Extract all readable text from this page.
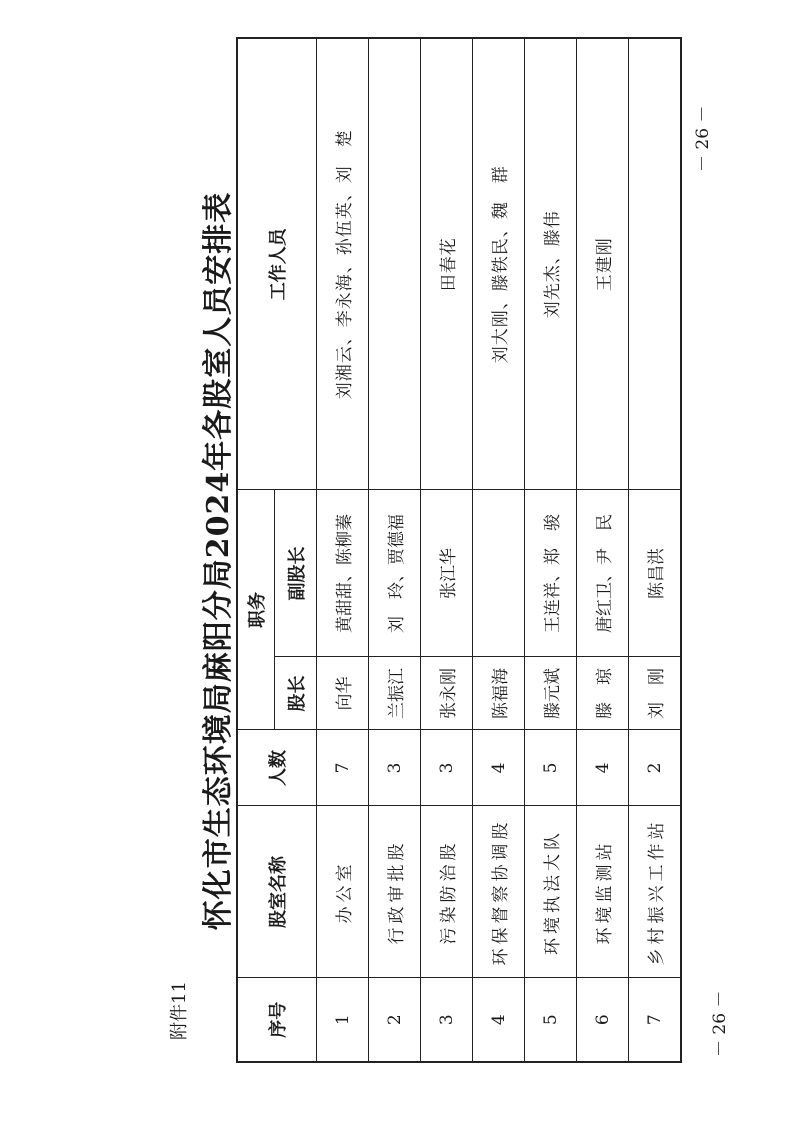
附件11
怀化市生态环境局麻阳分局2024年各股室人员安排表
序号	股室名称	人数	职务		工作人员
			股长	副股长	
1	办公室	7	向华	黄甜甜、陈柳蓁	刘湘云、李永海、孙伍英、刘　楚
2	行政审批股	3	兰振江	刘　玲、贾德福	
3	污染防治股	3	张永刚	张江华	田春花
4	环保督察协调股	4	陈福海		刘大刚、滕铁民、魏　群
5	环境执法大队	5	滕元斌	王连祥、郑　骏	刘先杰、滕伟
6	环境监测站	4	滕　琼	唐红卫、尹　民	王建刚
7	乡村振兴工作站	2	刘　刚	陈昌洪	
－ 26 －
－ 26 －
